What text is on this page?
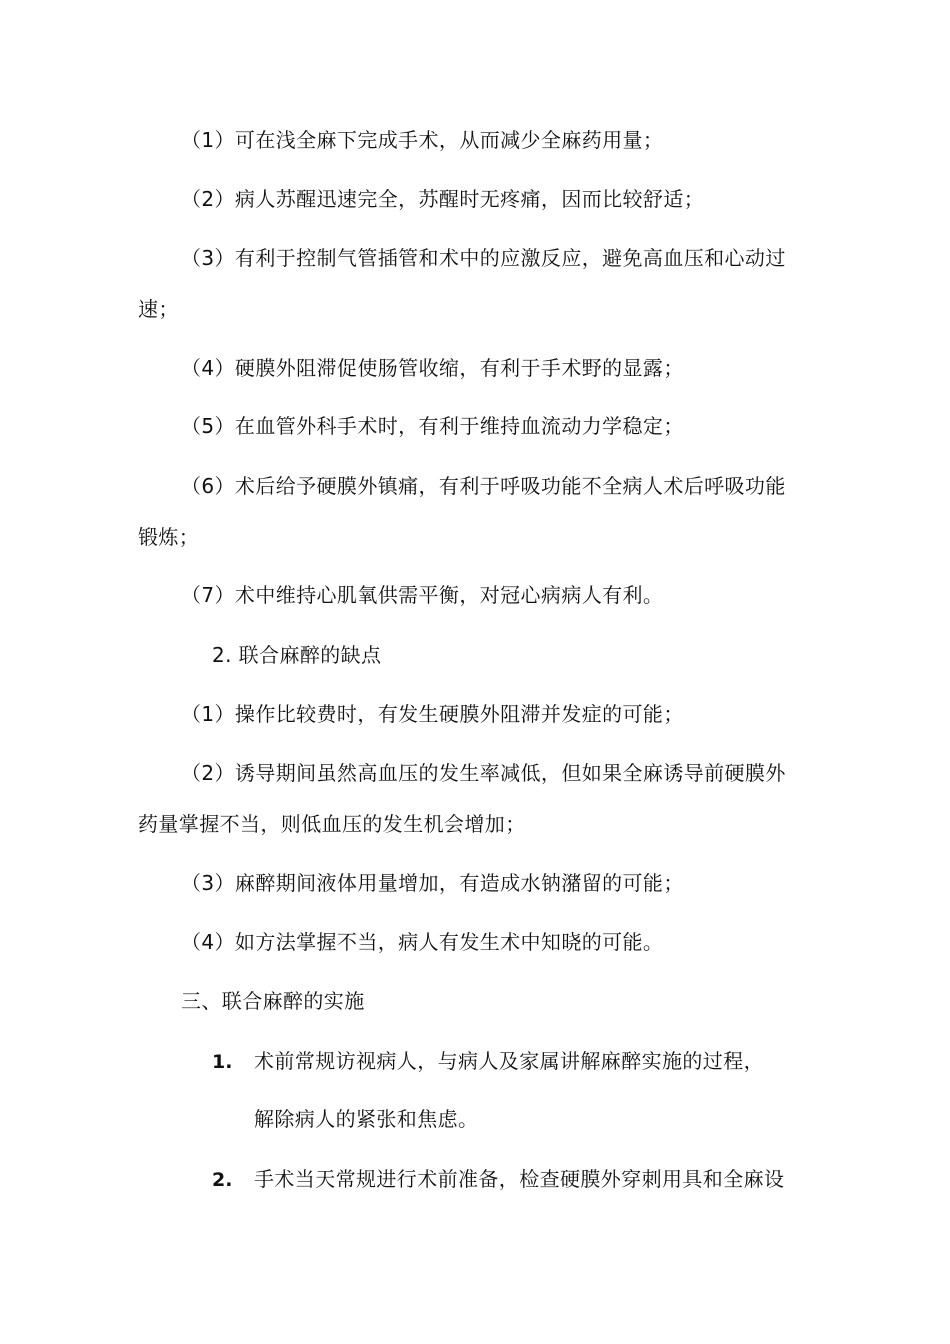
（1）可在浅全麻下完成手术，从而减少全麻药用量；
（2）病人苏醒迅速完全，苏醒时无疼痛，因而比较舒适；
（3）有利于控制气管插管和术中的应激反应，避免高血压和心动过
速；
（4）硬膜外阻滞促使肠管收缩，有利于手术野的显露；
（5）在血管外科手术时，有利于维持血流动力学稳定；
（6）术后给予硬膜外镇痛，有利于呼吸功能不全病人术后呼吸功能
锻炼；
（7）术中维持心肌氧供需平衡，对冠心病病人有利。
2. 联合麻醉的缺点
（1）操作比较费时，有发生硬膜外阻滞并发症的可能；
（2）诱导期间虽然高血压的发生率减低，但如果全麻诱导前硬膜外
药量掌握不当，则低血压的发生机会增加；
（3）麻醉期间液体用量增加，有造成水钠潴留的可能；
（4）如方法掌握不当，病人有发生术中知晓的可能。
三、联合麻醉的实施
1. 术前常规访视病人，与病人及家属讲解麻醉实施的过程，
解除病人的紧张和焦虑。
2. 手术当天常规进行术前准备，检查硬膜外穿刺用具和全麻设
